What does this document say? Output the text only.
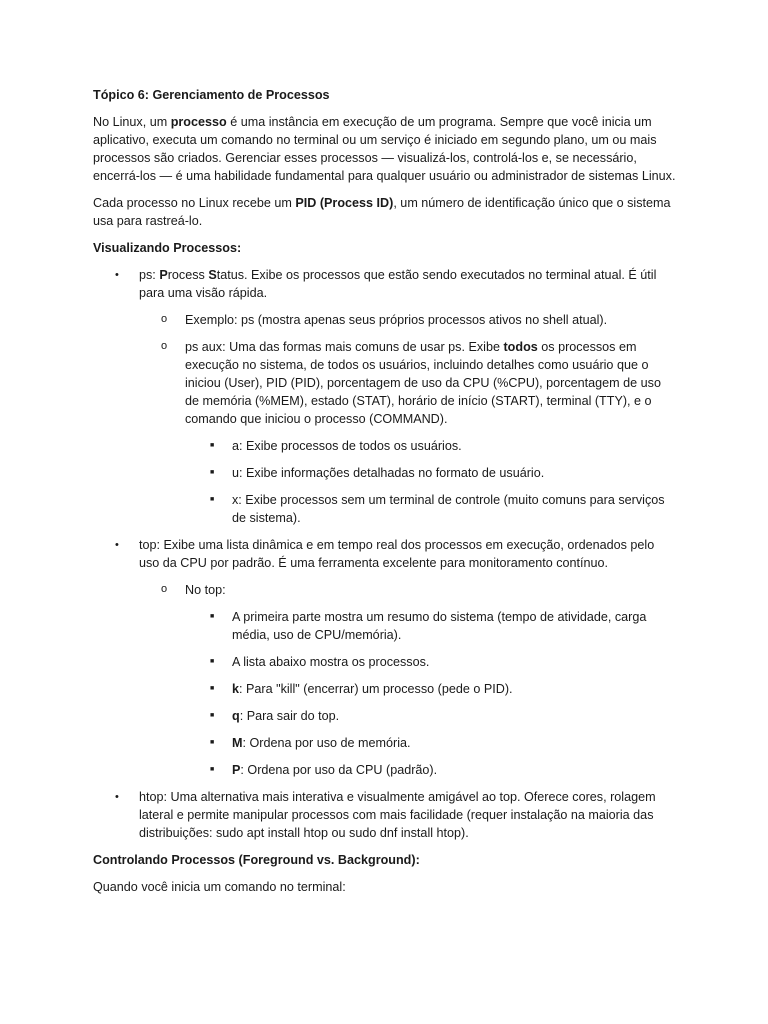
Tópico 6: Gerenciamento de Processos

No Linux, um processo é uma instância em execução de um programa. Sempre que você inicia um aplicativo, executa um comando no terminal ou um serviço é iniciado em segundo plano, um ou mais processos são criados. Gerenciar esses processos — visualizá-los, controlá-los e, se necessário, encerrá-los — é uma habilidade fundamental para qualquer usuário ou administrador de sistemas Linux.

Cada processo no Linux recebe um PID (Process ID), um número de identificação único que o sistema usa para rastreá-lo.

Visualizando Processos:

• ps: Process Status. Exibe os processos que estão sendo executados no terminal atual. É útil para uma visão rápida.
o Exemplo: ps (mostra apenas seus próprios processos ativos no shell atual).
o ps aux: Uma das formas mais comuns de usar ps. Exibe todos os processos em execução no sistema, de todos os usuários, incluindo detalhes como usuário que o iniciou (User), PID (PID), porcentagem de uso da CPU (%CPU), porcentagem de uso de memória (%MEM), estado (STAT), horário de início (START), terminal (TTY), e o comando que iniciou o processo (COMMAND).
■ a: Exibe processos de todos os usuários.
■ u: Exibe informações detalhadas no formato de usuário.
■ x: Exibe processos sem um terminal de controle (muito comuns para serviços de sistema).
• top: Exibe uma lista dinâmica e em tempo real dos processos em execução, ordenados pelo uso da CPU por padrão. É uma ferramenta excelente para monitoramento contínuo.
o No top:
■ A primeira parte mostra um resumo do sistema (tempo de atividade, carga média, uso de CPU/memória).
■ A lista abaixo mostra os processos.
■ k: Para "kill" (encerrar) um processo (pede o PID).
■ q: Para sair do top.
■ M: Ordena por uso de memória.
■ P: Ordena por uso da CPU (padrão).
• htop: Uma alternativa mais interativa e visualmente amigável ao top. Oferece cores, rolagem lateral e permite manipular processos com mais facilidade (requer instalação na maioria das distribuições: sudo apt install htop ou sudo dnf install htop).

Controlando Processos (Foreground vs. Background):

Quando você inicia um comando no terminal:
